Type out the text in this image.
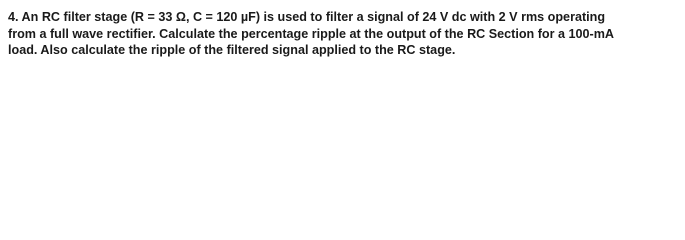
4. An RC filter stage (R = 33 Ω, C = 120 µF) is used to filter a signal of 24 V dc with 2 V rms operating
from a full wave rectifier. Calculate the percentage ripple at the output of the RC Section for a 100-mA
load. Also calculate the ripple of the filtered signal applied to the RC stage.
